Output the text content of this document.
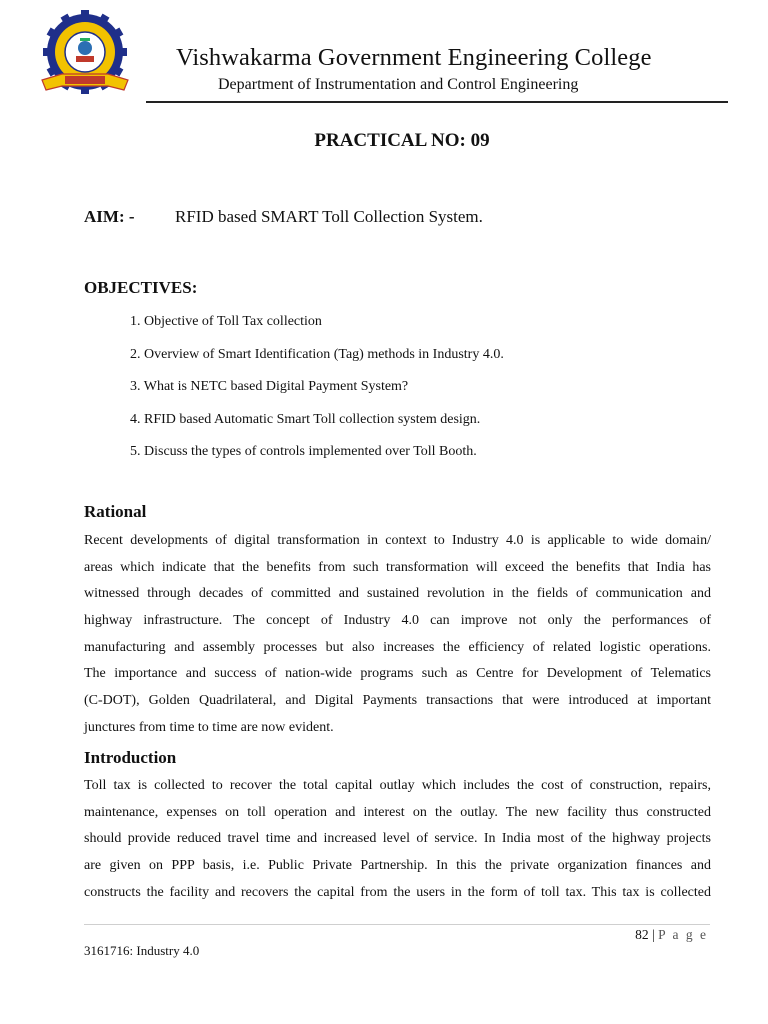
Vishwakarma Government Engineering College
Department of Instrumentation and Control Engineering
PRACTICAL NO: 09
AIM: - RFID based SMART Toll Collection System.
OBJECTIVES:
1. Objective of Toll Tax collection
2. Overview of Smart Identification (Tag) methods in Industry 4.0.
3. What is NETC based Digital Payment System?
4. RFID based Automatic Smart Toll collection system design.
5. Discuss the types of controls implemented over Toll Booth.
Rational
Recent developments of digital transformation in context to Industry 4.0 is applicable to wide domain/
areas which indicate that the benefits from such transformation will exceed the benefits that India has
witnessed through decades of committed and sustained revolution in the fields of communication and
highway infrastructure. The concept of Industry 4.0 can improve not only the performances of
manufacturing and assembly processes but also increases the efficiency of related logistic operations.
The importance and success of nation-wide programs such as Centre for Development of Telematics
(C-DOT), Golden Quadrilateral, and Digital Payments transactions that were introduced at important
junctures from time to time are now evident.
Introduction
Toll tax is collected to recover the total capital outlay which includes the cost of construction, repairs,
maintenance, expenses on toll operation and interest on the outlay. The new facility thus constructed
should provide reduced travel time and increased level of service. In India most of the highway projects
are given on PPP basis, i.e. Public Private Partnership. In this the private organization finances and
constructs the facility and recovers the capital from the users in the form of toll tax. This tax is collected
82 | P a g e
3161716: Industry 4.0
